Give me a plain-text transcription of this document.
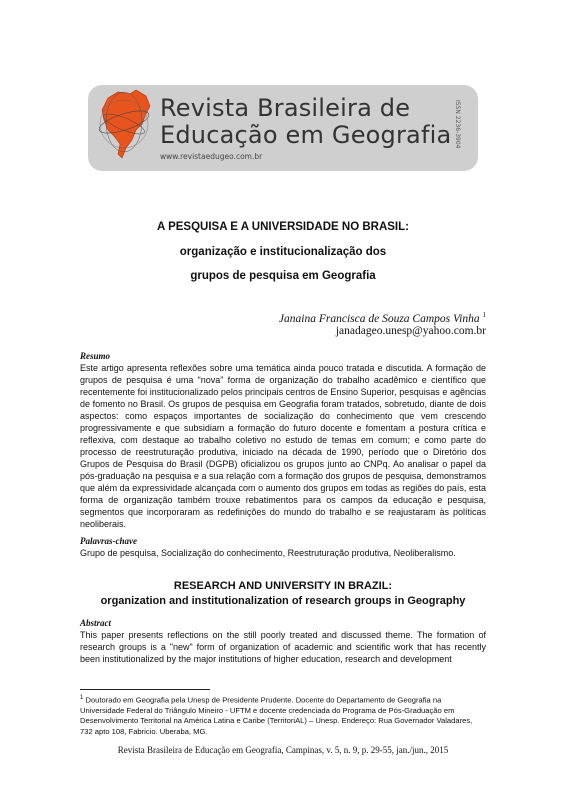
Revista Brasileira de
Educação em Geografia
www.revistaedugeo.com.br
ISSN 2236-3904
A PESQUISA E A UNIVERSIDADE NO BRASIL:
organização e institucionalização dos
grupos de pesquisa em Geografia
Janaina Francisca de Souza Campos Vinha $^1$
janadageo.unesp@yahoo.com.br
Resumo

Este artigo apresenta reflexões sobre uma temática ainda pouco tratada e discutida. A formação de grupos de pesquisa é uma “nova” forma de organização do trabalho acadêmico e científico que recentemente foi institucionalizado pelos principais centros de Ensino Superior, pesquisas e agências de fomento no Brasil. Os grupos de pesquisa em Geografia foram tratados, sobretudo, diante de dois aspectos: como espaços importantes de socialização do conhecimento que vem crescendo progressivamente e que subsidiam a formação do futuro docente e fomentam a postura crítica e reflexiva, com destaque ao trabalho coletivo no estudo de temas em comum; e como parte do processo de reestruturação produtiva, iniciado na década de 1990, período que o Diretório dos Grupos de Pesquisa do Brasil (DGPB) oficializou os grupos junto ao CNPq. Ao analisar o papel da pós-graduação na pesquisa e a sua relação com a formação dos grupos de pesquisa, demonstramos que além da expressividade alcançada com o aumento dos grupos em todas as regiões do país, esta forma de organização também trouxe rebatimentos para os campos da educação e pesquisa, segmentos que incorporaram as redefinições do mundo do trabalho e se reajustaram às políticas neoliberais.

Palavras-chave

Grupo de pesquisa, Socialização do conhecimento, Reestruturação produtiva, Neoliberalismo.

RESEARCH AND UNIVERSITY IN BRAZIL:
organization and institutionalization of research groups in Geography
Abstract

This paper presents reflections on the still poorly treated and discussed theme. The formation of research groups is a "new" form of organization of academic and scientific work that has recently been institutionalized by the major institutions of higher education, research and development

$^1$ Doutorado em Geografia pela Unesp de Presidente Prudente. Docente do Departamento de Geografia na Universidade Federal do Triângulo Mineiro - UFTM e docente credenciada do Programa de Pós-Graduação em Desenvolvimento Territorial na América Latina e Caribe (TerritoriAL) – Unesp. Endereço: Rua Governador Valadares, 732 apto 108, Fabricio. Uberaba, MG.

Revista Brasileira de Educação em Geografia, Campinas, v. 5, n. 9, p. 29-55, jan./jun., 2015
